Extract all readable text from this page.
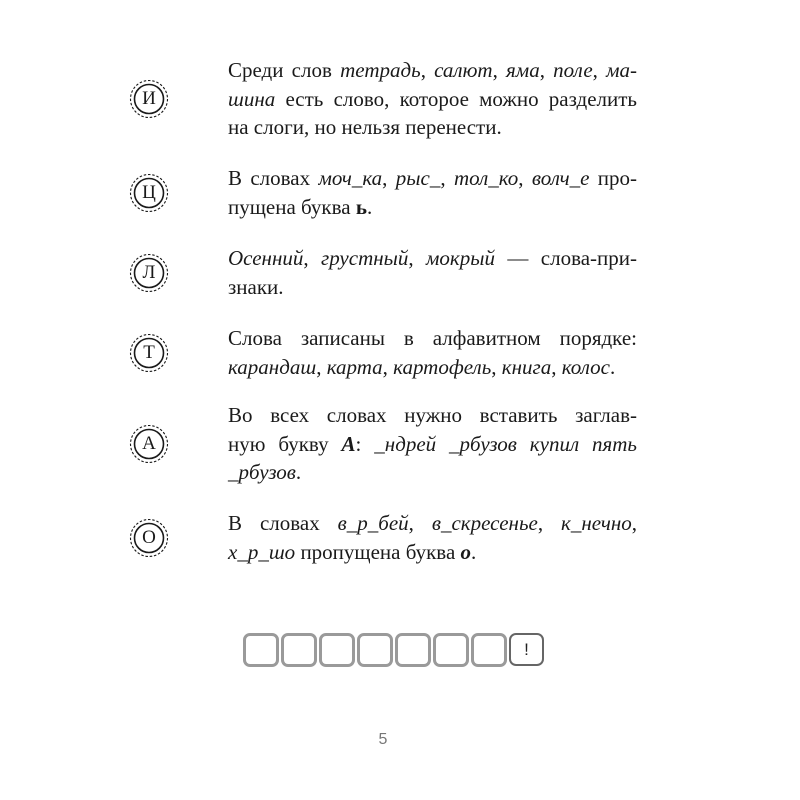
И
Среди слов тетрадь, салют, яма, поле, ма-
шина есть слово, которое можно разделить
на слоги, но нельзя перенести.
Ц
В словах моч_ка, рыс_, тол_ко, волч_е про-
пущена буква ь.
Л
Осенний, грустный, мокрый — слова-при-
знаки.
Т
Слова записаны в алфавитном порядке:
карандаш, карта, картофель, книга, колос.
А
Во всех словах нужно вставить заглав-
ную букву А: _ндрей _рбузов купил пять
_рбузов.
О
В словах в_р_бей, в_скресенье, к_нечно,
х_р_шо пропущена буква о.
!
5
